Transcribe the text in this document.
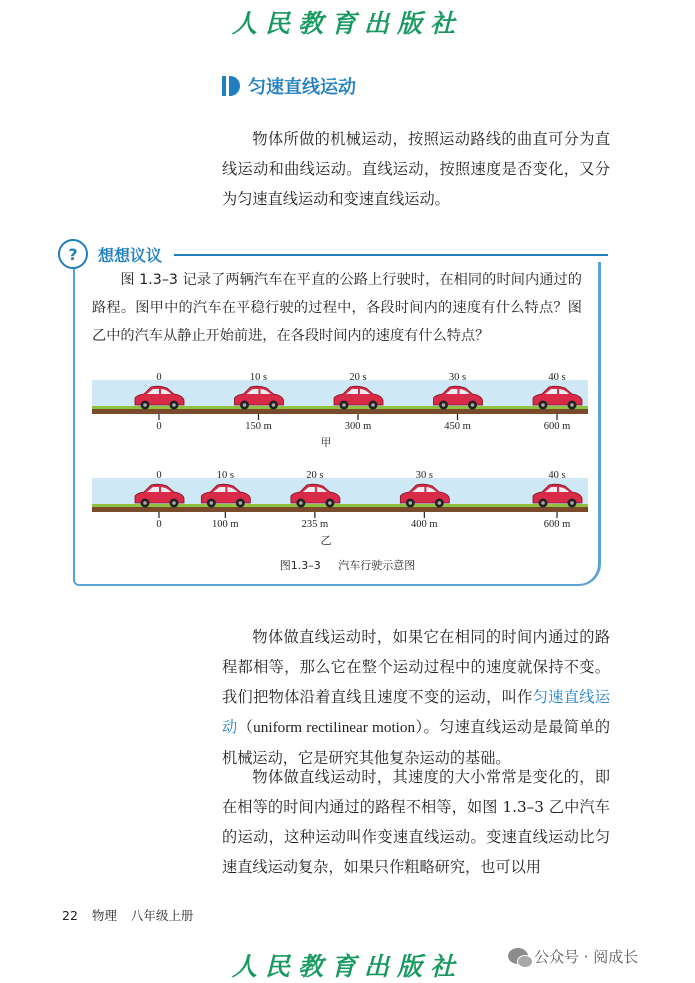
人民教育出版社
匀速直线运动

物体所做的机械运动，按照运动路线的曲直可分为直线运动和曲线运动。直线运动，按照速度是否变化，又分为匀速直线运动和变速直线运动。

?	想想议议

图 1.3–3 记录了两辆汽车在平直的公路上行驶时，在相同的时间内通过的路程。图甲中的汽车在平稳行驶的过程中，各段时间内的速度有什么特点？图乙中的汽车从静止开始前进，在各段时间内的速度有什么特点？

0
0
10 s
150 m
20 s
300 m
30 s
450 m
40 s
600 m
甲
0
0
10 s
100 m
20 s
235 m
30 s
400 m
40 s
600 m
乙
图1.3–3 汽车行驶示意图

物体做直线运动时，如果它在相同的时间内通过的路程都相等，那么它在整个运动过程中的速度就保持不变。我们把物体沿着直线且速度不变的运动，叫作匀速直线运动（uniform rectilinear motion）。匀速直线运动是最简单的机械运动，它是研究其他复杂运动的基础。

物体做直线运动时，其速度的大小常常是变化的，即在相等的时间内通过的路程不相等，如图 1.3–3 乙中汽车的运动，这种运动叫作变速直线运动。变速直线运动比匀速直线运动复杂，如果只作粗略研究，也可以用

22 物理 八年级上册
人民教育出版社	公众号 · 阅成长
